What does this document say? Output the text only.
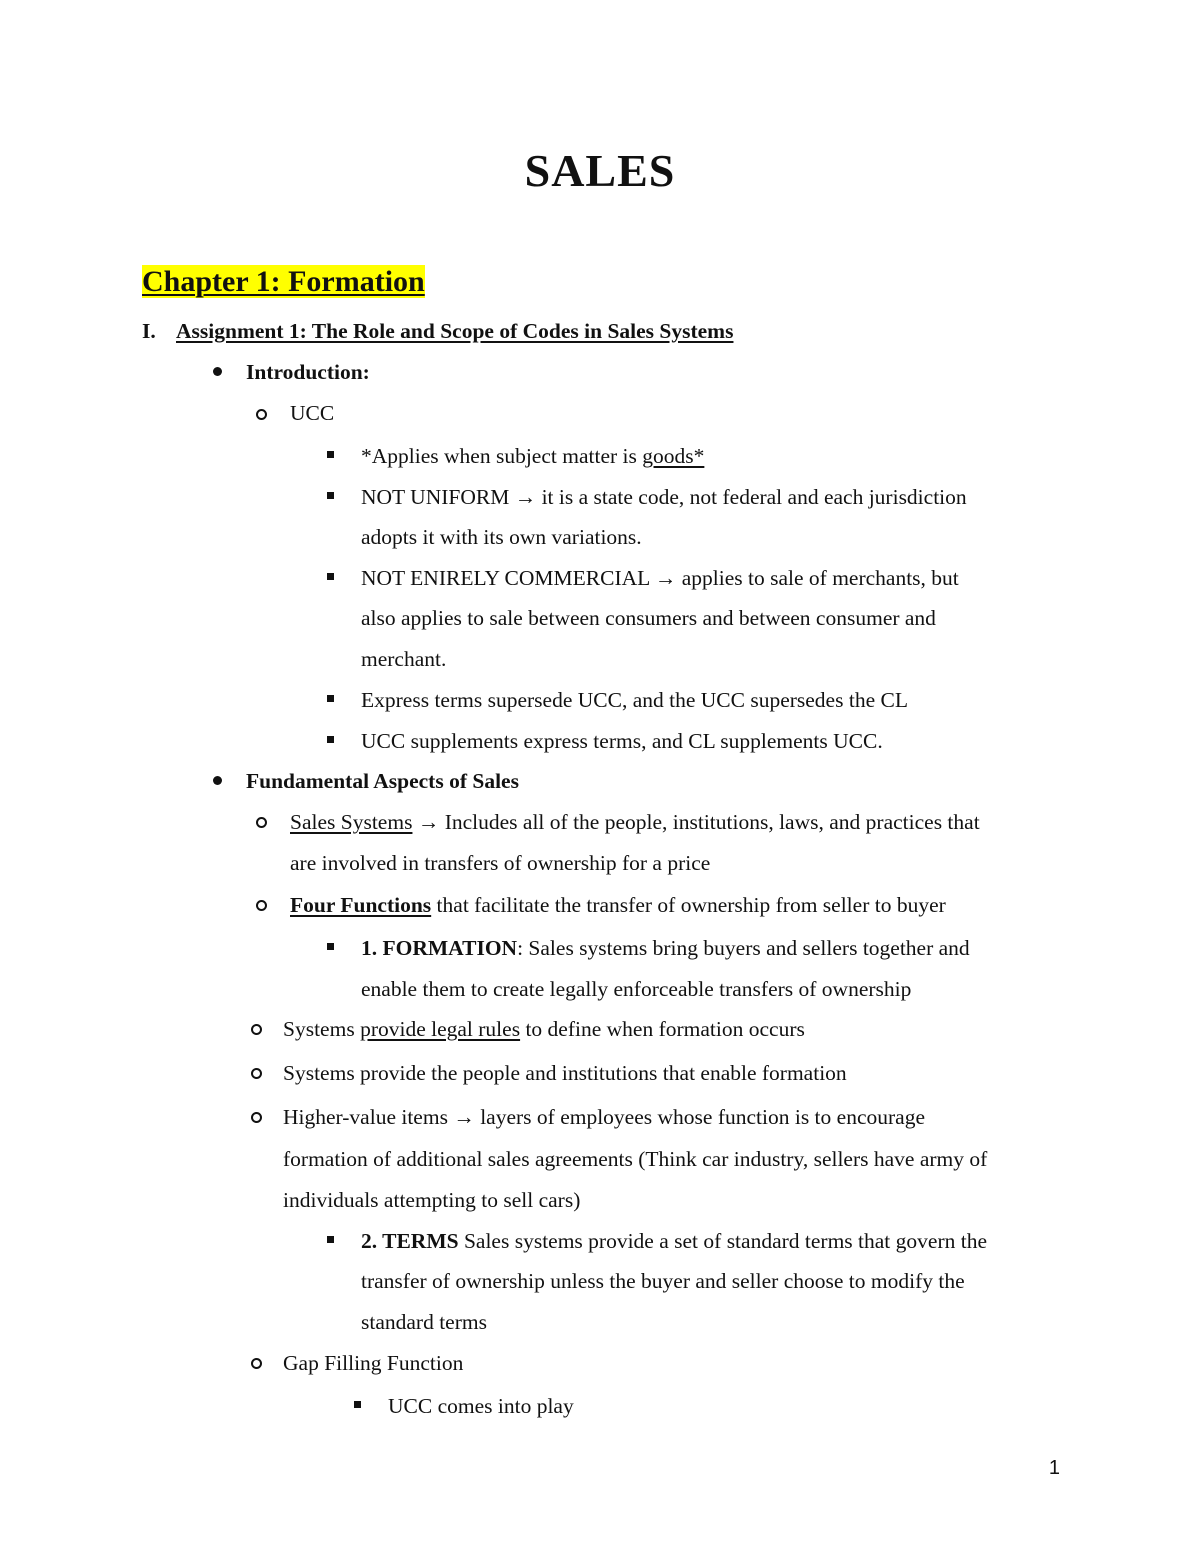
SALES
Chapter 1: Formation
I. Assignment 1: The Role and Scope of Codes in Sales Systems
Introduction:
UCC
*Applies when subject matter is goods*
NOT UNIFORM → it is a state code, not federal and each jurisdiction
adopts it with its own variations.
NOT ENIRELY COMMERCIAL → applies to sale of merchants, but
also applies to sale between consumers and between consumer and
merchant.
Express terms supersede UCC, and the UCC supersedes the CL
UCC supplements express terms, and CL supplements UCC.
Fundamental Aspects of Sales
Sales Systems → Includes all of the people, institutions, laws, and practices that
are involved in transfers of ownership for a price
Four Functions that facilitate the transfer of ownership from seller to buyer
1. FORMATION: Sales systems bring buyers and sellers together and
enable them to create legally enforceable transfers of ownership
Systems provide legal rules to define when formation occurs
Systems provide the people and institutions that enable formation
Higher-value items → layers of employees whose function is to encourage
formation of additional sales agreements (Think car industry, sellers have army of
individuals attempting to sell cars)
2. TERMS Sales systems provide a set of standard terms that govern the
transfer of ownership unless the buyer and seller choose to modify the
standard terms
Gap Filling Function
UCC comes into play
1
